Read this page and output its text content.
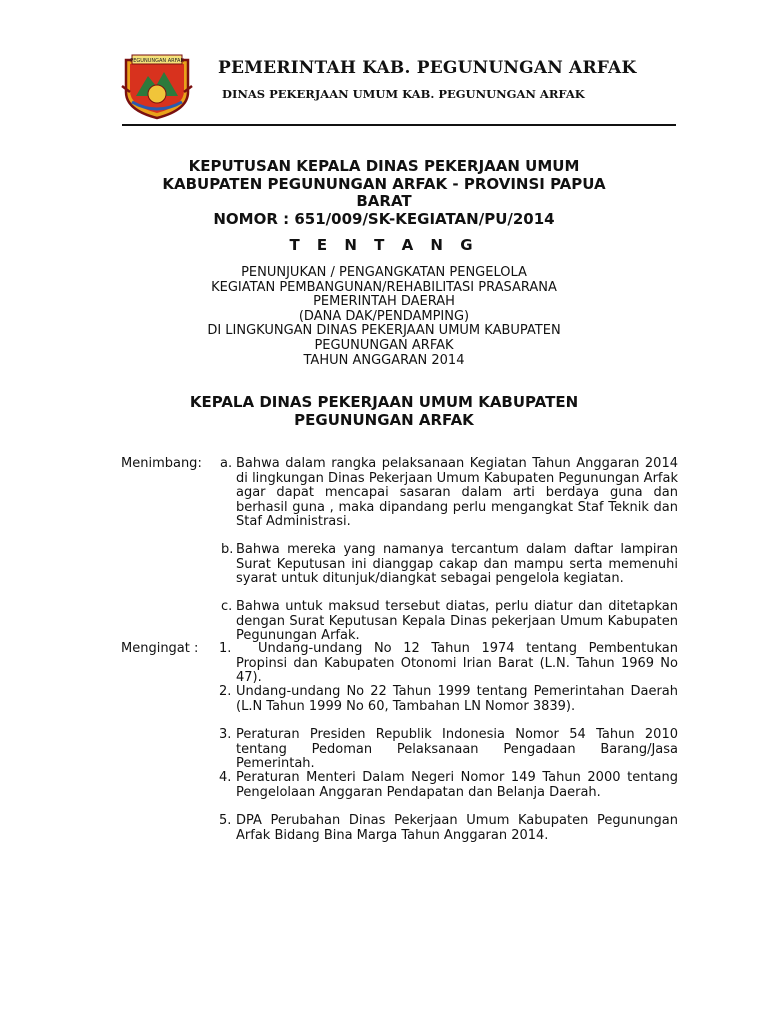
PEGUNUNGAN ARFAK PEMERINTAH KAB. PEGUNUNGAN ARFAK
DINAS PEKERJAAN UMUM KAB. PEGUNUNGAN ARFAK
KEPUTUSAN KEPALA DINAS PEKERJAAN UMUM
KABUPATEN PEGUNUNGAN ARFAK - PROVINSI PAPUA
BARAT
NOMOR : 651/009/SK-KEGIATAN/PU/2014
T E N T A N G
PENUNJUKAN / PENGANGKATAN PENGELOLA
KEGIATAN PEMBANGUNAN/REHABILITASI PRASARANA
PEMERINTAH DAERAH
(DANA DAK/PENDAMPING)
DI LINGKUNGAN DINAS PEKERJAAN UMUM KABUPATEN
PEGUNUNGAN ARFAK
TAHUN ANGGARAN 2014
KEPALA DINAS PEKERJAAN UMUM KABUPATEN
PEGUNUNGAN ARFAK
Menimbang: a. Bahwa dalam rangka pelaksanaan Kegiatan Tahun Anggaran 2014 di lingkungan Dinas Pekerjaan Umum Kabupaten Pegunungan Arfak agar dapat mencapai sasaran dalam arti berdaya guna dan berhasil guna , maka dipandang perlu mengangkat Staf Teknik dan Staf Administrasi.
b. Bahwa mereka yang namanya tercantum dalam daftar lampiran Surat Keputusan ini dianggap cakap dan mampu serta memenuhi syarat untuk ditunjuk/diangkat sebagai pengelola kegiatan.
c. Bahwa untuk maksud tersebut diatas, perlu diatur dan ditetapkan dengan Surat Keputusan Kepala Dinas pekerjaan Umum Kabupaten Pegunungan Arfak.
Mengingat : 1.	Undang-undang No 12 Tahun 1974 tentang Pembentukan Propinsi dan Kabupaten Otonomi Irian Barat (L.N. Tahun 1969 No 47).
2. Undang-undang No 22 Tahun 1999 tentang Pemerintahan Daerah (L.N Tahun 1999 No 60, Tambahan LN Nomor 3839).
3. Peraturan Presiden Republik Indonesia Nomor 54 Tahun 2010 tentang Pedoman Pelaksanaan Pengadaan Barang/Jasa Pemerintah.
4. Peraturan Menteri Dalam Negeri Nomor 149 Tahun 2000 tentang Pengelolaan Anggaran Pendapatan dan Belanja Daerah.
5. DPA Perubahan Dinas Pekerjaan Umum Kabupaten Pegunungan Arfak Bidang Bina Marga Tahun Anggaran 2014.
